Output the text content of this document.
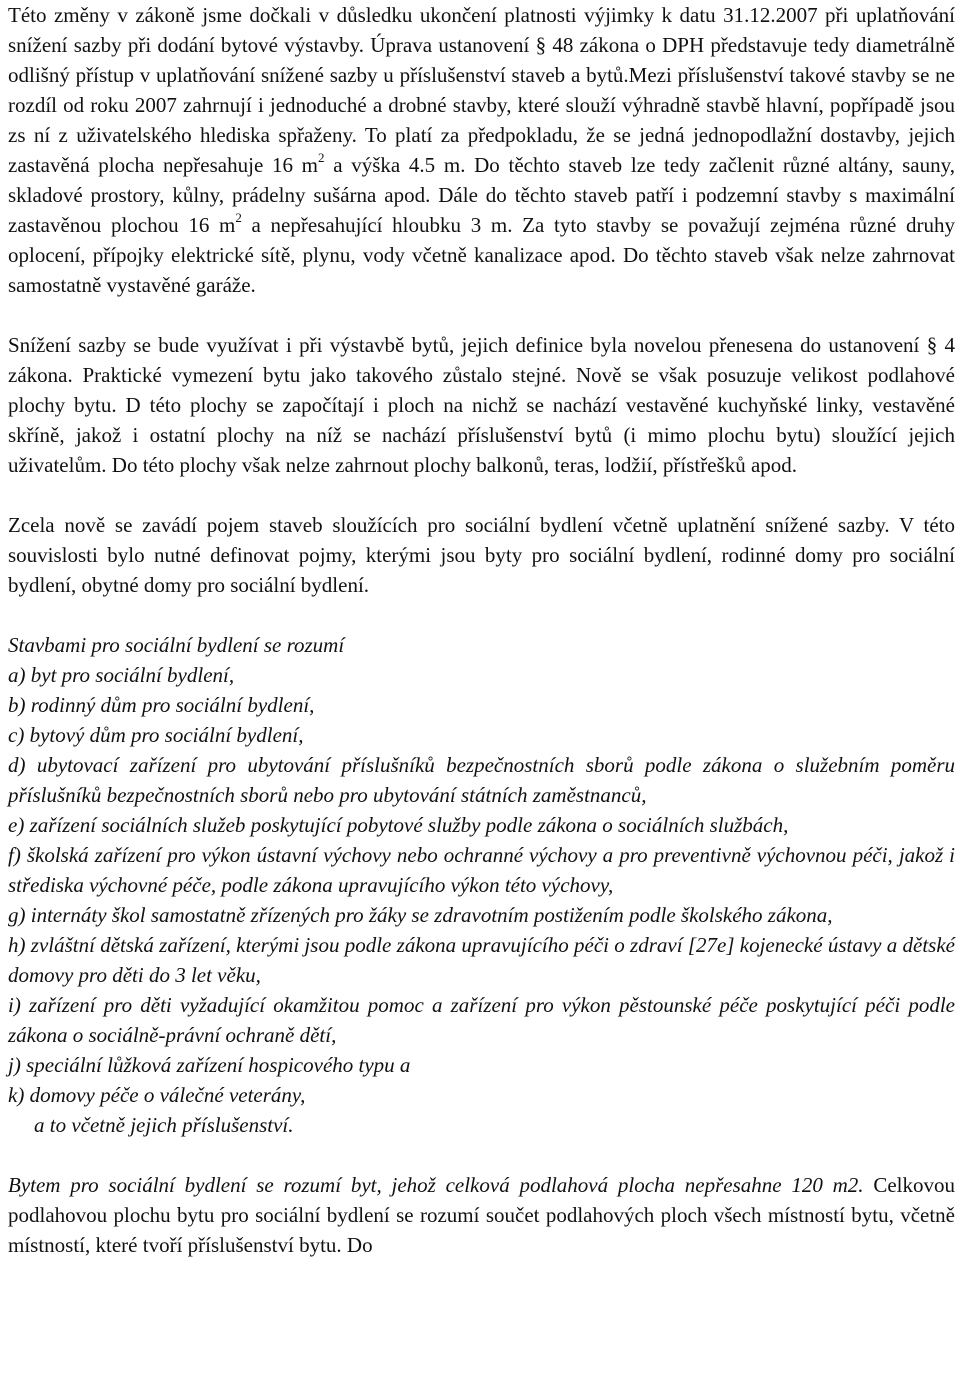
Této změny v zákoně jsme dočkali v důsledku ukončení platnosti výjimky k datu 31.12.2007 při uplatňování snížení sazby při dodání bytové výstavby. Úprava ustanovení § 48 zákona o DPH představuje tedy diametrálně odlišný přístup v uplatňování snížené sazby u příslušenství staveb a bytů.Mezi příslušenství takové stavby se ne rozdíl od roku 2007 zahrnují i jednoduché a drobné stavby, které slouží výhradně stavbě hlavní, popřípadě jsou zs ní z uživatelského hlediska spřaženy. To platí za předpokladu, že se jedná jednopodlažní dostavby, jejich zastavěná plocha nepřesahuje 16 $m^2$ a výška 4.5 m. Do těchto staveb lze tedy začlenit různé altány, sauny, skladové prostory, kůlny, prádelny sušárna apod. Dále do těchto staveb patří i podzemní stavby s maximální zastavěnou plochou 16 $m^2$ a nepřesahující hloubku 3 m. Za tyto stavby se považují zejména různé druhy oplocení, přípojky elektrické sítě, plynu, vody včetně kanalizace apod. Do těchto staveb však nelze zahrnovat samostatně vystavěné garáže.

Snížení sazby se bude využívat i při výstavbě bytů, jejich definice byla novelou přenesena do ustanovení § 4 zákona. Praktické vymezení bytu jako takového zůstalo stejné. Nově se však posuzuje velikost podlahové plochy bytu. D této plochy se započítají i ploch na nichž se nachází vestavěné kuchyňské linky, vestavěné skříně, jakož i ostatní plochy na níž se nachází příslušenství bytů (i mimo plochu bytu) sloužící jejich uživatelům. Do této plochy však nelze zahrnout plochy balkonů, teras, lodžií, přístřešků apod.

Zcela nově se zavádí pojem staveb sloužících pro sociální bydlení včetně uplatnění snížené sazby. V této souvislosti bylo nutné definovat pojmy, kterými jsou byty pro sociální bydlení, rodinné domy pro sociální bydlení, obytné domy pro sociální bydlení.

Stavbami pro sociální bydlení se rozumí

a) byt pro sociální bydlení,

b) rodinný dům pro sociální bydlení,

c) bytový dům pro sociální bydlení,

d) ubytovací zařízení pro ubytování příslušníků bezpečnostních sborů podle zákona o služebním poměru příslušníků bezpečnostních sborů nebo pro ubytování státních zaměstnanců,

e) zařízení sociálních služeb poskytující pobytové služby podle zákona o sociálních službách,

f) školská zařízení pro výkon ústavní výchovy nebo ochranné výchovy a pro preventivně výchovnou péči, jakož i střediska výchovné péče, podle zákona upravujícího výkon této výchovy,

g) internáty škol samostatně zřízených pro žáky se zdravotním postižením podle školského zákona,

h) zvláštní dětská zařízení, kterými jsou podle zákona upravujícího péči o zdraví [27e] kojenecké ústavy a dětské domovy pro děti do 3 let věku,

i) zařízení pro děti vyžadující okamžitou pomoc a zařízení pro výkon pěstounské péče poskytující péči podle zákona o sociálně-právní ochraně dětí,

j) speciální lůžková zařízení hospicového typu a

k) domovy péče o válečné veterány,

a to včetně jejich příslušenství.

Bytem pro sociální bydlení se rozumí byt, jehož celková podlahová plocha nepřesahne 120 m2. Celkovou podlahovou plochu bytu pro sociální bydlení se rozumí součet podlahových ploch všech místností bytu, včetně místností, které tvoří příslušenství bytu. Do
